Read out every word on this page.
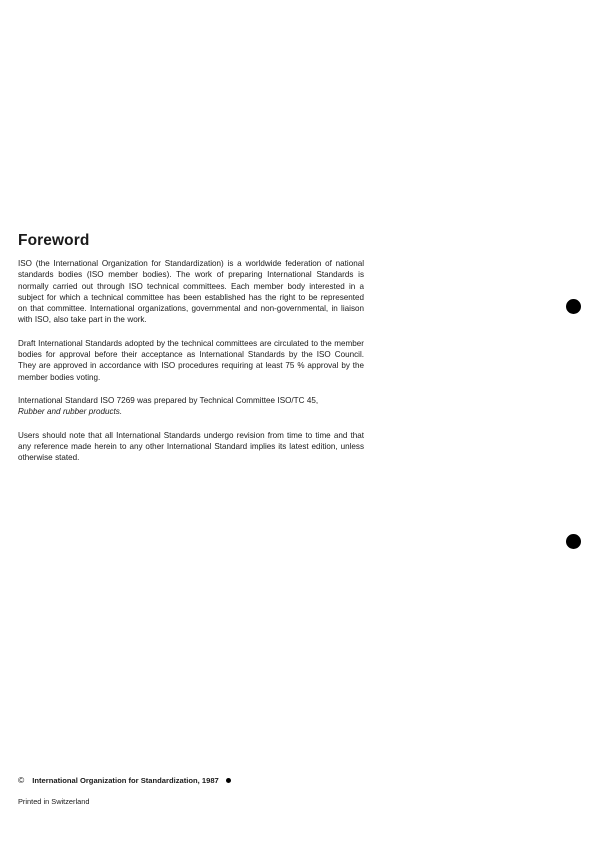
Foreword

ISO (the International Organization for Standardization) is a worldwide federation of national standards bodies (ISO member bodies). The work of preparing International Standards is normally carried out through ISO technical committees. Each member body interested in a subject for which a technical committee has been established has the right to be represented on that committee. International organizations, governmental and non-governmental, in liaison with ISO, also take part in the work.

Draft International Standards adopted by the technical committees are circulated to the member bodies for approval before their acceptance as International Standards by the ISO Council. They are approved in accordance with ISO procedures requiring at least 75 % approval by the member bodies voting.

International Standard ISO 7269 was prepared by Technical Committee ISO/TC 45,
Rubber and rubber products.

Users should note that all International Standards undergo revision from time to time and that any reference made herein to any other International Standard implies its latest edition, unless otherwise stated.

© International Organization for Standardization, 1987
Printed in Switzerland
